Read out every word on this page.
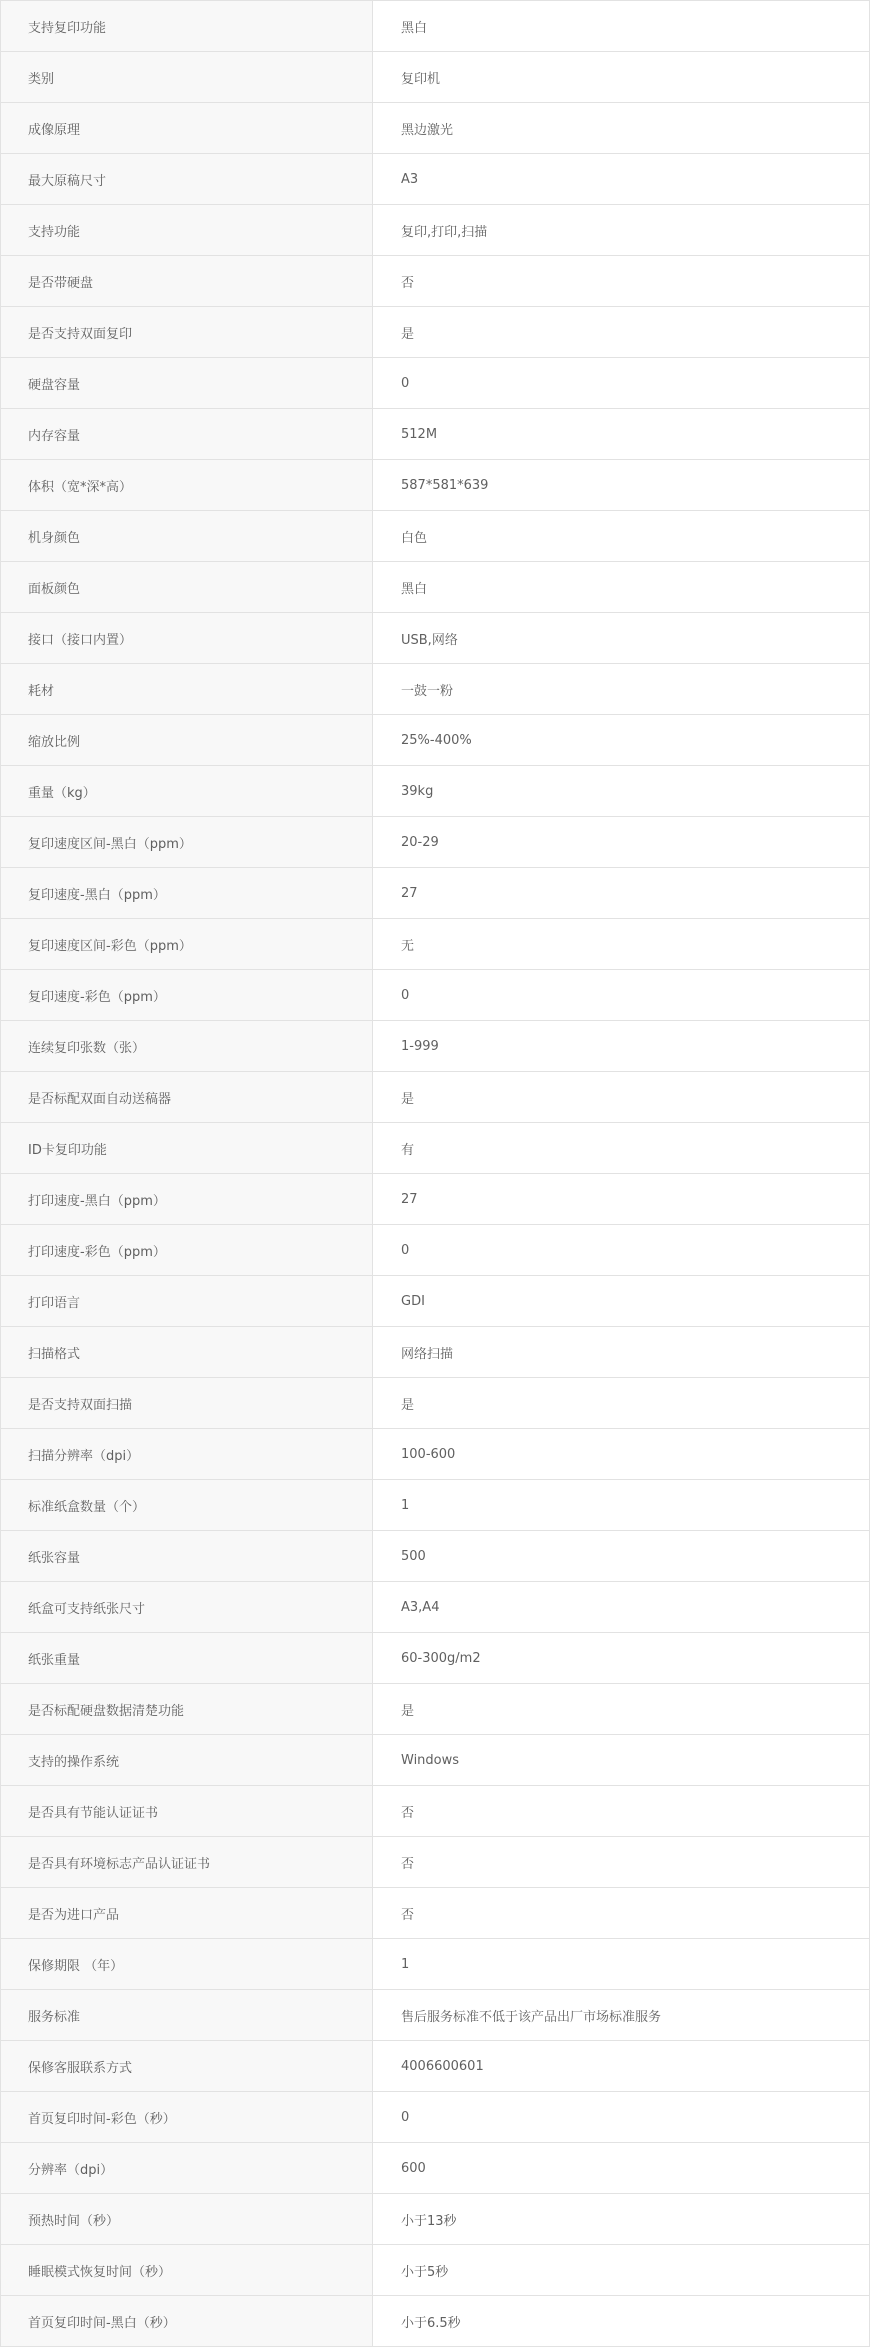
支持复印功能	黑白
类别	复印机
成像原理	黑边激光
最大原稿尺寸	A3
支持功能	复印,打印,扫描
是否带硬盘	否
是否支持双面复印	是
硬盘容量	0
内存容量	512M
体积（宽*深*高）	587*581*639
机身颜色	白色
面板颜色	黑白
接口（接口内置）	USB,网络
耗材	一鼓一粉
缩放比例	25%-400%
重量（kg）	39kg
复印速度区间-黑白（ppm）	20-29
复印速度-黑白（ppm）	27
复印速度区间-彩色（ppm）	无
复印速度-彩色（ppm）	0
连续复印张数（张）	1-999
是否标配双面自动送稿器	是
ID卡复印功能	有
打印速度-黑白（ppm）	27
打印速度-彩色（ppm）	0
打印语言	GDI
扫描格式	网络扫描
是否支持双面扫描	是
扫描分辨率（dpi）	100-600
标准纸盒数量（个）	1
纸张容量	500
纸盒可支持纸张尺寸	A3,A4
纸张重量	60-300g/m2
是否标配硬盘数据清楚功能	是
支持的操作系统	Windows
是否具有节能认证证书	否
是否具有环境标志产品认证证书	否
是否为进口产品	否
保修期限 （年）	1
服务标准	售后服务标准不低于该产品出厂市场标准服务
保修客服联系方式	4006600601
首页复印时间-彩色（秒）	0
分辨率（dpi）	600
预热时间（秒）	小于13秒
睡眠模式恢复时间（秒）	小于5秒
首页复印时间-黑白（秒）	小于6.5秒
